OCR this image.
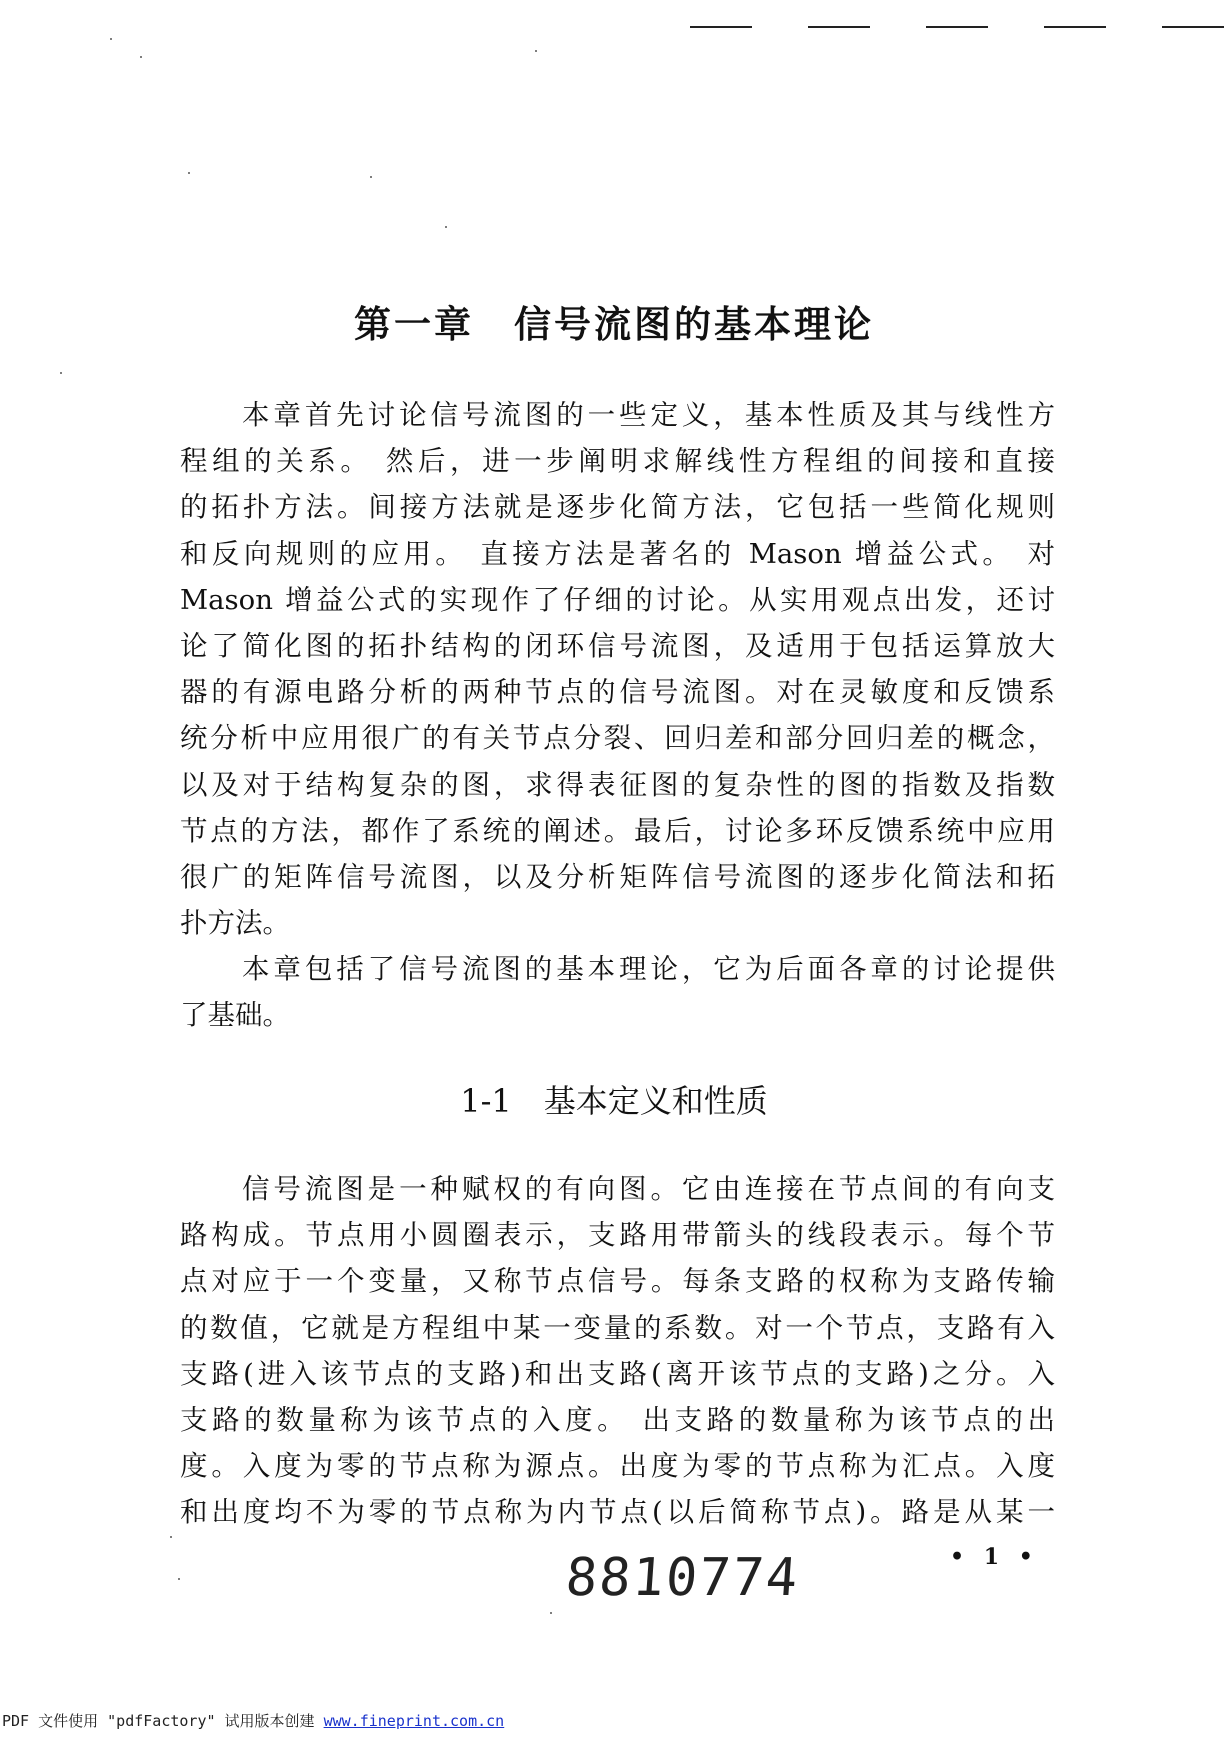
第一章 信号流图的基本理论
本章首先讨论信号流图的一些定义，基本性质及其与线性方
程组的关系。 然后，进一步阐明求解线性方程组的间接和直接
的拓扑方法。间接方法就是逐步化简方法，它包括一些简化规则
和反向规则的应用。 直接方法是著名的 Mason 增益公式。 对
Mason 增益公式的实现作了仔细的讨论。从实用观点出发，还讨
论了简化图的拓扑结构的闭环信号流图，及适用于包括运算放大
器的有源电路分析的两种节点的信号流图。对在灵敏度和反馈系
统分析中应用很广的有关节点分裂、回归差和部分回归差的概念，
以及对于结构复杂的图，求得表征图的复杂性的图的指数及指数
节点的方法，都作了系统的阐述。最后，讨论多环反馈系统中应用
很广的矩阵信号流图，以及分析矩阵信号流图的逐步化简法和拓
扑方法。
本章包括了信号流图的基本理论，它为后面各章的讨论提供
了基础。
1-1 基本定义和性质
信号流图是一种赋权的有向图。它由连接在节点间的有向支
路构成。节点用小圆圈表示，支路用带箭头的线段表示。每个节
点对应于一个变量，又称节点信号。每条支路的权称为支路传输
的数值，它就是方程组中某一变量的系数。对一个节点，支路有入
支路(进入该节点的支路)和出支路(离开该节点的支路)之分。入
支路的数量称为该节点的入度。 出支路的数量称为该节点的出
度。入度为零的节点称为源点。出度为零的节点称为汇点。入度
和出度均不为零的节点称为内节点(以后简称节点)。路是从某一
• 1 •
8810774
PDF 文件使用 "pdfFactory" 试用版本创建 www.fineprint.com.cn
